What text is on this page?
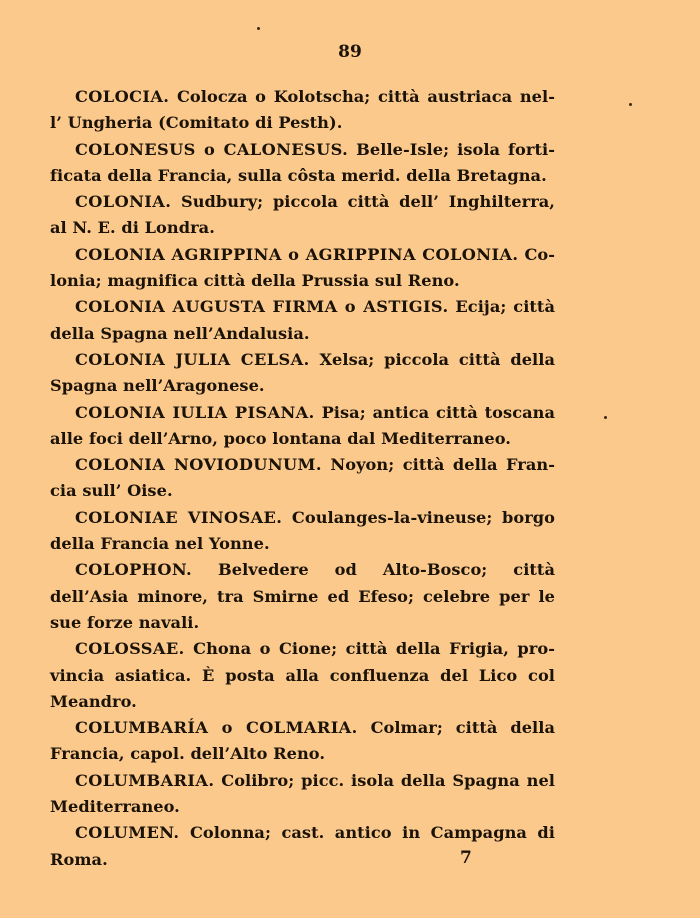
89

COLOCIA. Colocza o Kolotscha; città austriaca nel- l’ Ungheria (Comitato di Pesth).

COLONESUS o CALONESUS. Belle-Isle; isola forti- ficata della Francia, sulla côsta merid. della Bretagna.

COLONIA. Sudbury; piccola città dell’ Inghilterra, al N. E. di Londra.

COLONIA AGRIPPINA o AGRIPPINA COLONIA. Co- lonia; magnifica città della Prussia sul Reno.

COLONIA AUGUSTA FIRMA o ASTIGIS. Ecija; città della Spagna nell’Andalusia.

COLONIA JULIA CELSA. Xelsa; piccola città della Spagna nell’Aragonese.

COLONIA IULIA PISANA. Pisa; antica città toscana alle foci dell’Arno, poco lontana dal Mediterraneo.

COLONIA NOVIODUNUM. Noyon; città della Fran- cia sull’ Oise.

COLONIAE VINOSAE. Coulanges-la-vineuse; borgo della Francia nel Yonne.

COLOPHON. Belvedere od Alto-Bosco; città dell’Asia minore, tra Smirne ed Efeso; celebre per le sue forze navali.

COLOSSAE. Chona o Cione; città della Frigia, pro- vincia asiatica. È posta alla confluenza del Lico col Meandro.

COLUMBARÍA o COLMARIA. Colmar; città della Francia, capol. dell’Alto Reno.

COLUMBARIA. Colibro; picc. isola della Spagna nel Mediterraneo.

COLUMEN. Colonna; cast. antico in Campagna di Roma.	7
